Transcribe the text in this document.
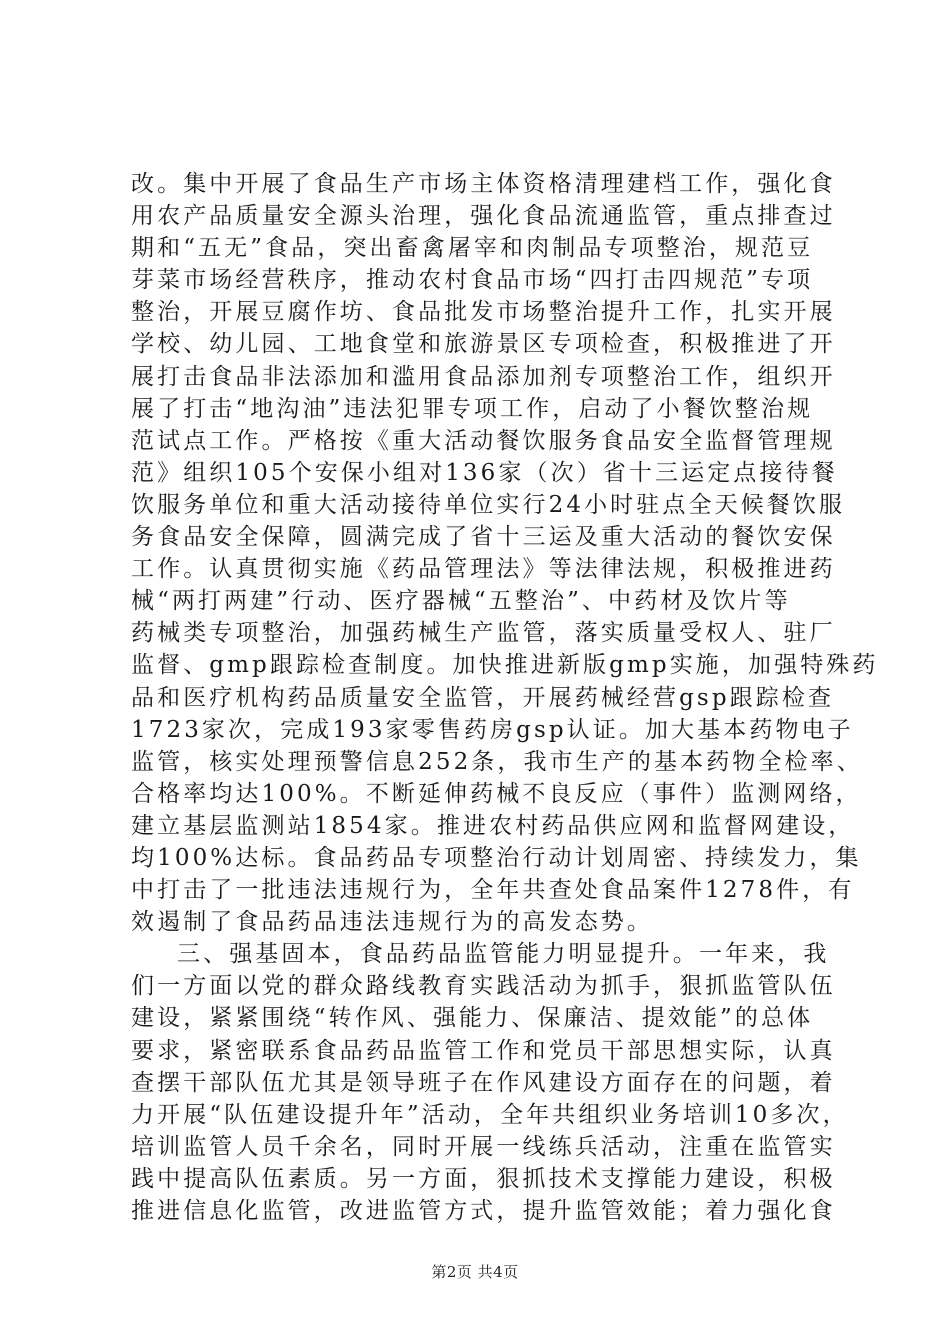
改。集中开展了食品生产市场主体资格清理建档工作，强化食
用农产品质量安全源头治理，强化食品流通监管，重点排查过
期和“五无”食品，突出畜禽屠宰和肉制品专项整治，规范豆
芽菜市场经营秩序，推动农村食品市场“四打击四规范”专项
整治，开展豆腐作坊、食品批发市场整治提升工作，扎实开展
学校、幼儿园、工地食堂和旅游景区专项检查，积极推进了开
展打击食品非法添加和滥用食品添加剂专项整治工作，组织开
展了打击“地沟油”违法犯罪专项工作，启动了小餐饮整治规
范试点工作。严格按《重大活动餐饮服务食品安全监督管理规
范》组织105个安保小组对136家（次）省十三运定点接待餐
饮服务单位和重大活动接待单位实行24小时驻点全天候餐饮服
务食品安全保障，圆满完成了省十三运及重大活动的餐饮安保
工作。认真贯彻实施《药品管理法》等法律法规，积极推进药
械“两打两建”行动、医疗器械“五整治”、中药材及饮片等
药械类专项整治，加强药械生产监管，落实质量受权人、驻厂
监督、gmp跟踪检查制度。加快推进新版gmp实施，加强特殊药
品和医疗机构药品质量安全监管，开展药械经营gsp跟踪检查
1723家次，完成193家零售药房gsp认证。加大基本药物电子
监管，核实处理预警信息252条，我市生产的基本药物全检率、
合格率均达100%。不断延伸药械不良反应（事件）监测网络，
建立基层监测站1854家。推进农村药品供应网和监督网建设，
均100%达标。食品药品专项整治行动计划周密、持续发力，集
中打击了一批违法违规行为，全年共查处食品案件1278件，有
效遏制了食品药品违法违规行为的高发态势。
三、强基固本，食品药品监管能力明显提升。一年来，我
们一方面以党的群众路线教育实践活动为抓手，狠抓监管队伍
建设，紧紧围绕“转作风、强能力、保廉洁、提效能”的总体
要求，紧密联系食品药品监管工作和党员干部思想实际，认真
查摆干部队伍尤其是领导班子在作风建设方面存在的问题，着
力开展“队伍建设提升年”活动，全年共组织业务培训10多次，
培训监管人员千余名，同时开展一线练兵活动，注重在监管实
践中提高队伍素质。另一方面，狠抓技术支撑能力建设，积极
推进信息化监管，改进监管方式，提升监管效能；着力强化食
第2页 共4页
